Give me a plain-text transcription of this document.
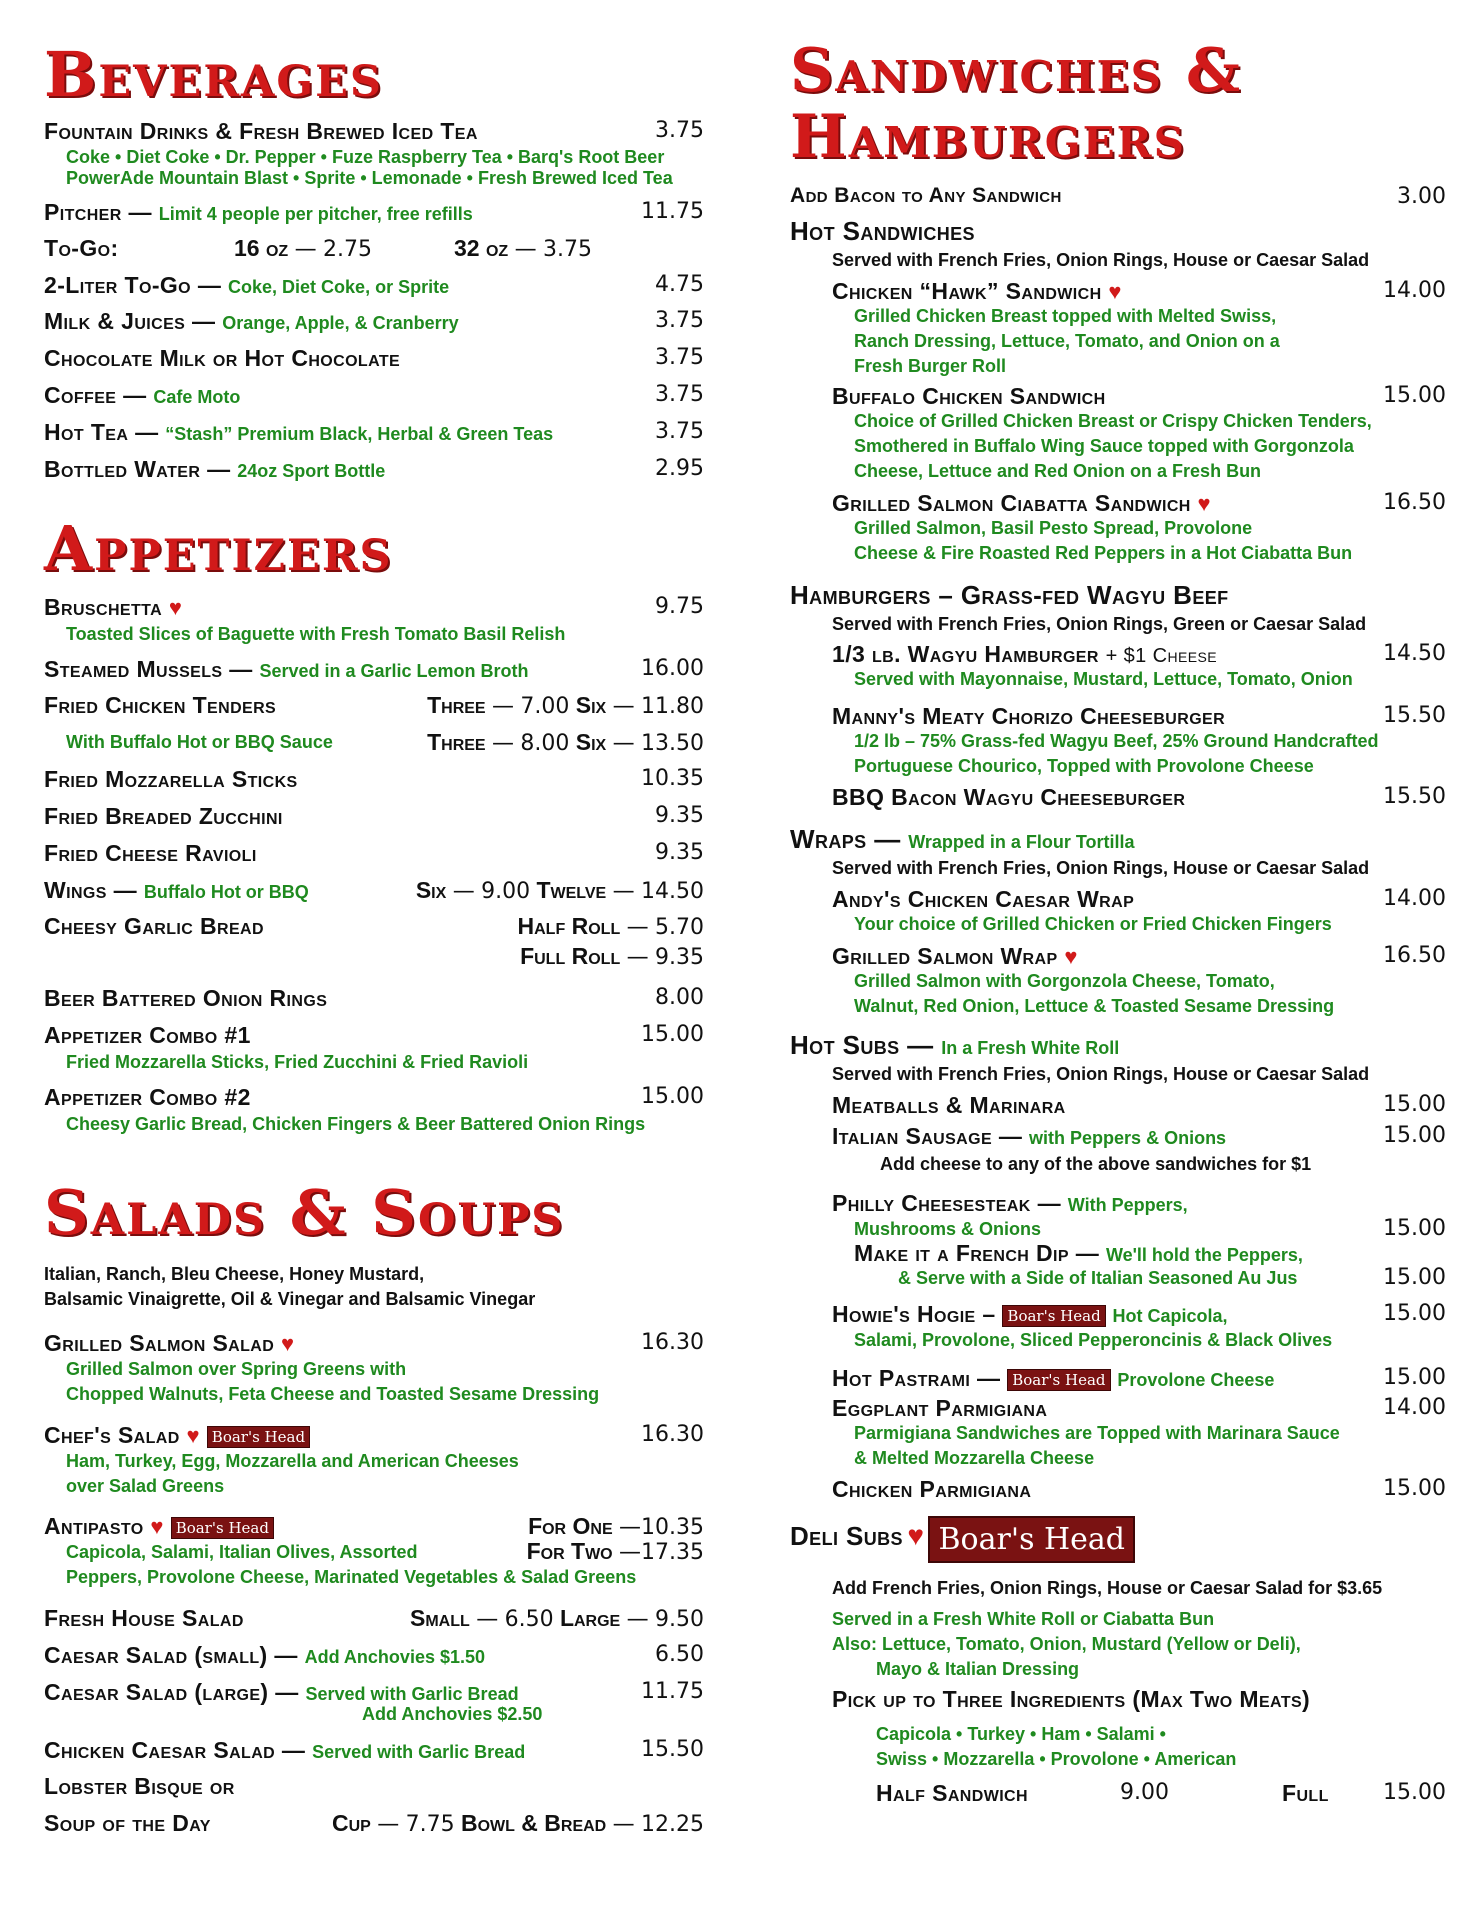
Beverages
Fountain Drinks & Fresh Brewed Iced Tea	3.75
Coke • Diet Coke • Dr. Pepper • Fuze Raspberry Tea • Barq's Root Beer
PowerAde Mountain Blast • Sprite • Lemonade • Fresh Brewed Iced Tea
Pitcher — Limit 4 people per pitcher, free refills	11.75
To-Go:	16 oz — 2.75	32 oz — 3.75
2-Liter To-Go — Coke, Diet Coke, or Sprite	4.75
Milk & Juices — Orange, Apple, & Cranberry	3.75
Chocolate Milk or Hot Chocolate	3.75
Coffee — Cafe Moto	3.75
Hot Tea — “Stash” Premium Black, Herbal & Green Teas	3.75
Bottled Water — 24oz Sport Bottle	2.95
Appetizers
Bruschetta ♥	9.75
Toasted Slices of Baguette with Fresh Tomato Basil Relish
Steamed Mussels — Served in a Garlic Lemon Broth	16.00
Fried Chicken Tenders	Three — 7.00 Six — 11.80
With Buffalo Hot or BBQ Sauce	Three — 8.00 Six — 13.50
Fried Mozzarella Sticks	10.35
Fried Breaded Zucchini	9.35
Fried Cheese Ravioli	9.35
Wings — Buffalo Hot or BBQ	Six — 9.00 Twelve — 14.50
Cheesy Garlic Bread	Half Roll — 5.70
Full Roll — 9.35
Beer Battered Onion Rings	8.00
Appetizer Combo #1	15.00
Fried Mozzarella Sticks, Fried Zucchini & Fried Ravioli
Appetizer Combo #2	15.00
Cheesy Garlic Bread, Chicken Fingers & Beer Battered Onion Rings
Salads & Soups
Italian, Ranch, Bleu Cheese, Honey Mustard,
Balsamic Vinaigrette, Oil & Vinegar and Balsamic Vinegar
Grilled Salmon Salad ♥	16.30
Grilled Salmon over Spring Greens with
Chopped Walnuts, Feta Cheese and Toasted Sesame Dressing
Chef's Salad ♥ Boar's Head	16.30
Ham, Turkey, Egg, Mozzarella and American Cheeses
over Salad Greens
Antipasto ♥ Boar's Head	For One —10.35
Capicola, Salami, Italian Olives, Assorted	For Two —17.35
Peppers, Provolone Cheese, Marinated Vegetables & Salad Greens
Fresh House Salad	Small — 6.50 Large — 9.50
Caesar Salad (small) — Add Anchovies $1.50	6.50
Caesar Salad (large) — Served with Garlic Bread	11.75
Add Anchovies $2.50
Chicken Caesar Salad — Served with Garlic Bread	15.50
Lobster Bisque or
Soup of the Day	Cup — 7.75 Bowl & Bread — 12.25
Sandwiches &
Hamburgers
Add Bacon to Any Sandwich	3.00
Hot Sandwiches
Served with French Fries, Onion Rings, House or Caesar Salad
Chicken “Hawk” Sandwich ♥	14.00
Grilled Chicken Breast topped with Melted Swiss,
Ranch Dressing, Lettuce, Tomato, and Onion on a
Fresh Burger Roll
Buffalo Chicken Sandwich	15.00
Choice of Grilled Chicken Breast or Crispy Chicken Tenders,
Smothered in Buffalo Wing Sauce topped with Gorgonzola
Cheese, Lettuce and Red Onion on a Fresh Bun
Grilled Salmon Ciabatta Sandwich ♥	16.50
Grilled Salmon, Basil Pesto Spread, Provolone
Cheese & Fire Roasted Red Peppers in a Hot Ciabatta Bun
Hamburgers – Grass-fed Wagyu Beef
Served with French Fries, Onion Rings, Green or Caesar Salad
1/3 lb. Wagyu Hamburger + $1 Cheese	14.50
Served with Mayonnaise, Mustard, Lettuce, Tomato, Onion
Manny's Meaty Chorizo Cheeseburger	15.50
1/2 lb – 75% Grass-fed Wagyu Beef, 25% Ground Handcrafted
Portuguese Chourico, Topped with Provolone Cheese
BBQ Bacon Wagyu Cheeseburger	15.50
Wraps — Wrapped in a Flour Tortilla
Served with French Fries, Onion Rings, House or Caesar Salad
Andy's Chicken Caesar Wrap	14.00
Your choice of Grilled Chicken or Fried Chicken Fingers
Grilled Salmon Wrap ♥	16.50
Grilled Salmon with Gorgonzola Cheese, Tomato,
Walnut, Red Onion, Lettuce & Toasted Sesame Dressing
Hot Subs — In a Fresh White Roll
Served with French Fries, Onion Rings, House or Caesar Salad
Meatballs & Marinara	15.00
Italian Sausage — with Peppers & Onions	15.00
Add cheese to any of the above sandwiches for $1
Philly Cheesesteak — With Peppers,
Mushrooms & Onions	15.00
Make it a French Dip — We'll hold the Peppers,
& Serve with a Side of Italian Seasoned Au Jus	15.00
Howie's Hogie – Boar's Head Hot Capicola,	15.00
Salami, Provolone, Sliced Pepperoncinis & Black Olives
Hot Pastrami — Boar's Head Provolone Cheese	15.00
Eggplant Parmigiana	14.00
Parmigiana Sandwiches are Topped with Marinara Sauce
& Melted Mozzarella Cheese
Chicken Parmigiana	15.00
Deli Subs ♥ Boar's Head
Add French Fries, Onion Rings, House or Caesar Salad for $3.65
Served in a Fresh White Roll or Ciabatta Bun
Also: Lettuce, Tomato, Onion, Mustard (Yellow or Deli),
Mayo & Italian Dressing
Pick up to Three Ingredients (Max Two Meats)
Capicola • Turkey • Ham • Salami •
Swiss • Mozzarella • Provolone • American
Half Sandwich	9.00	Full 15.00
